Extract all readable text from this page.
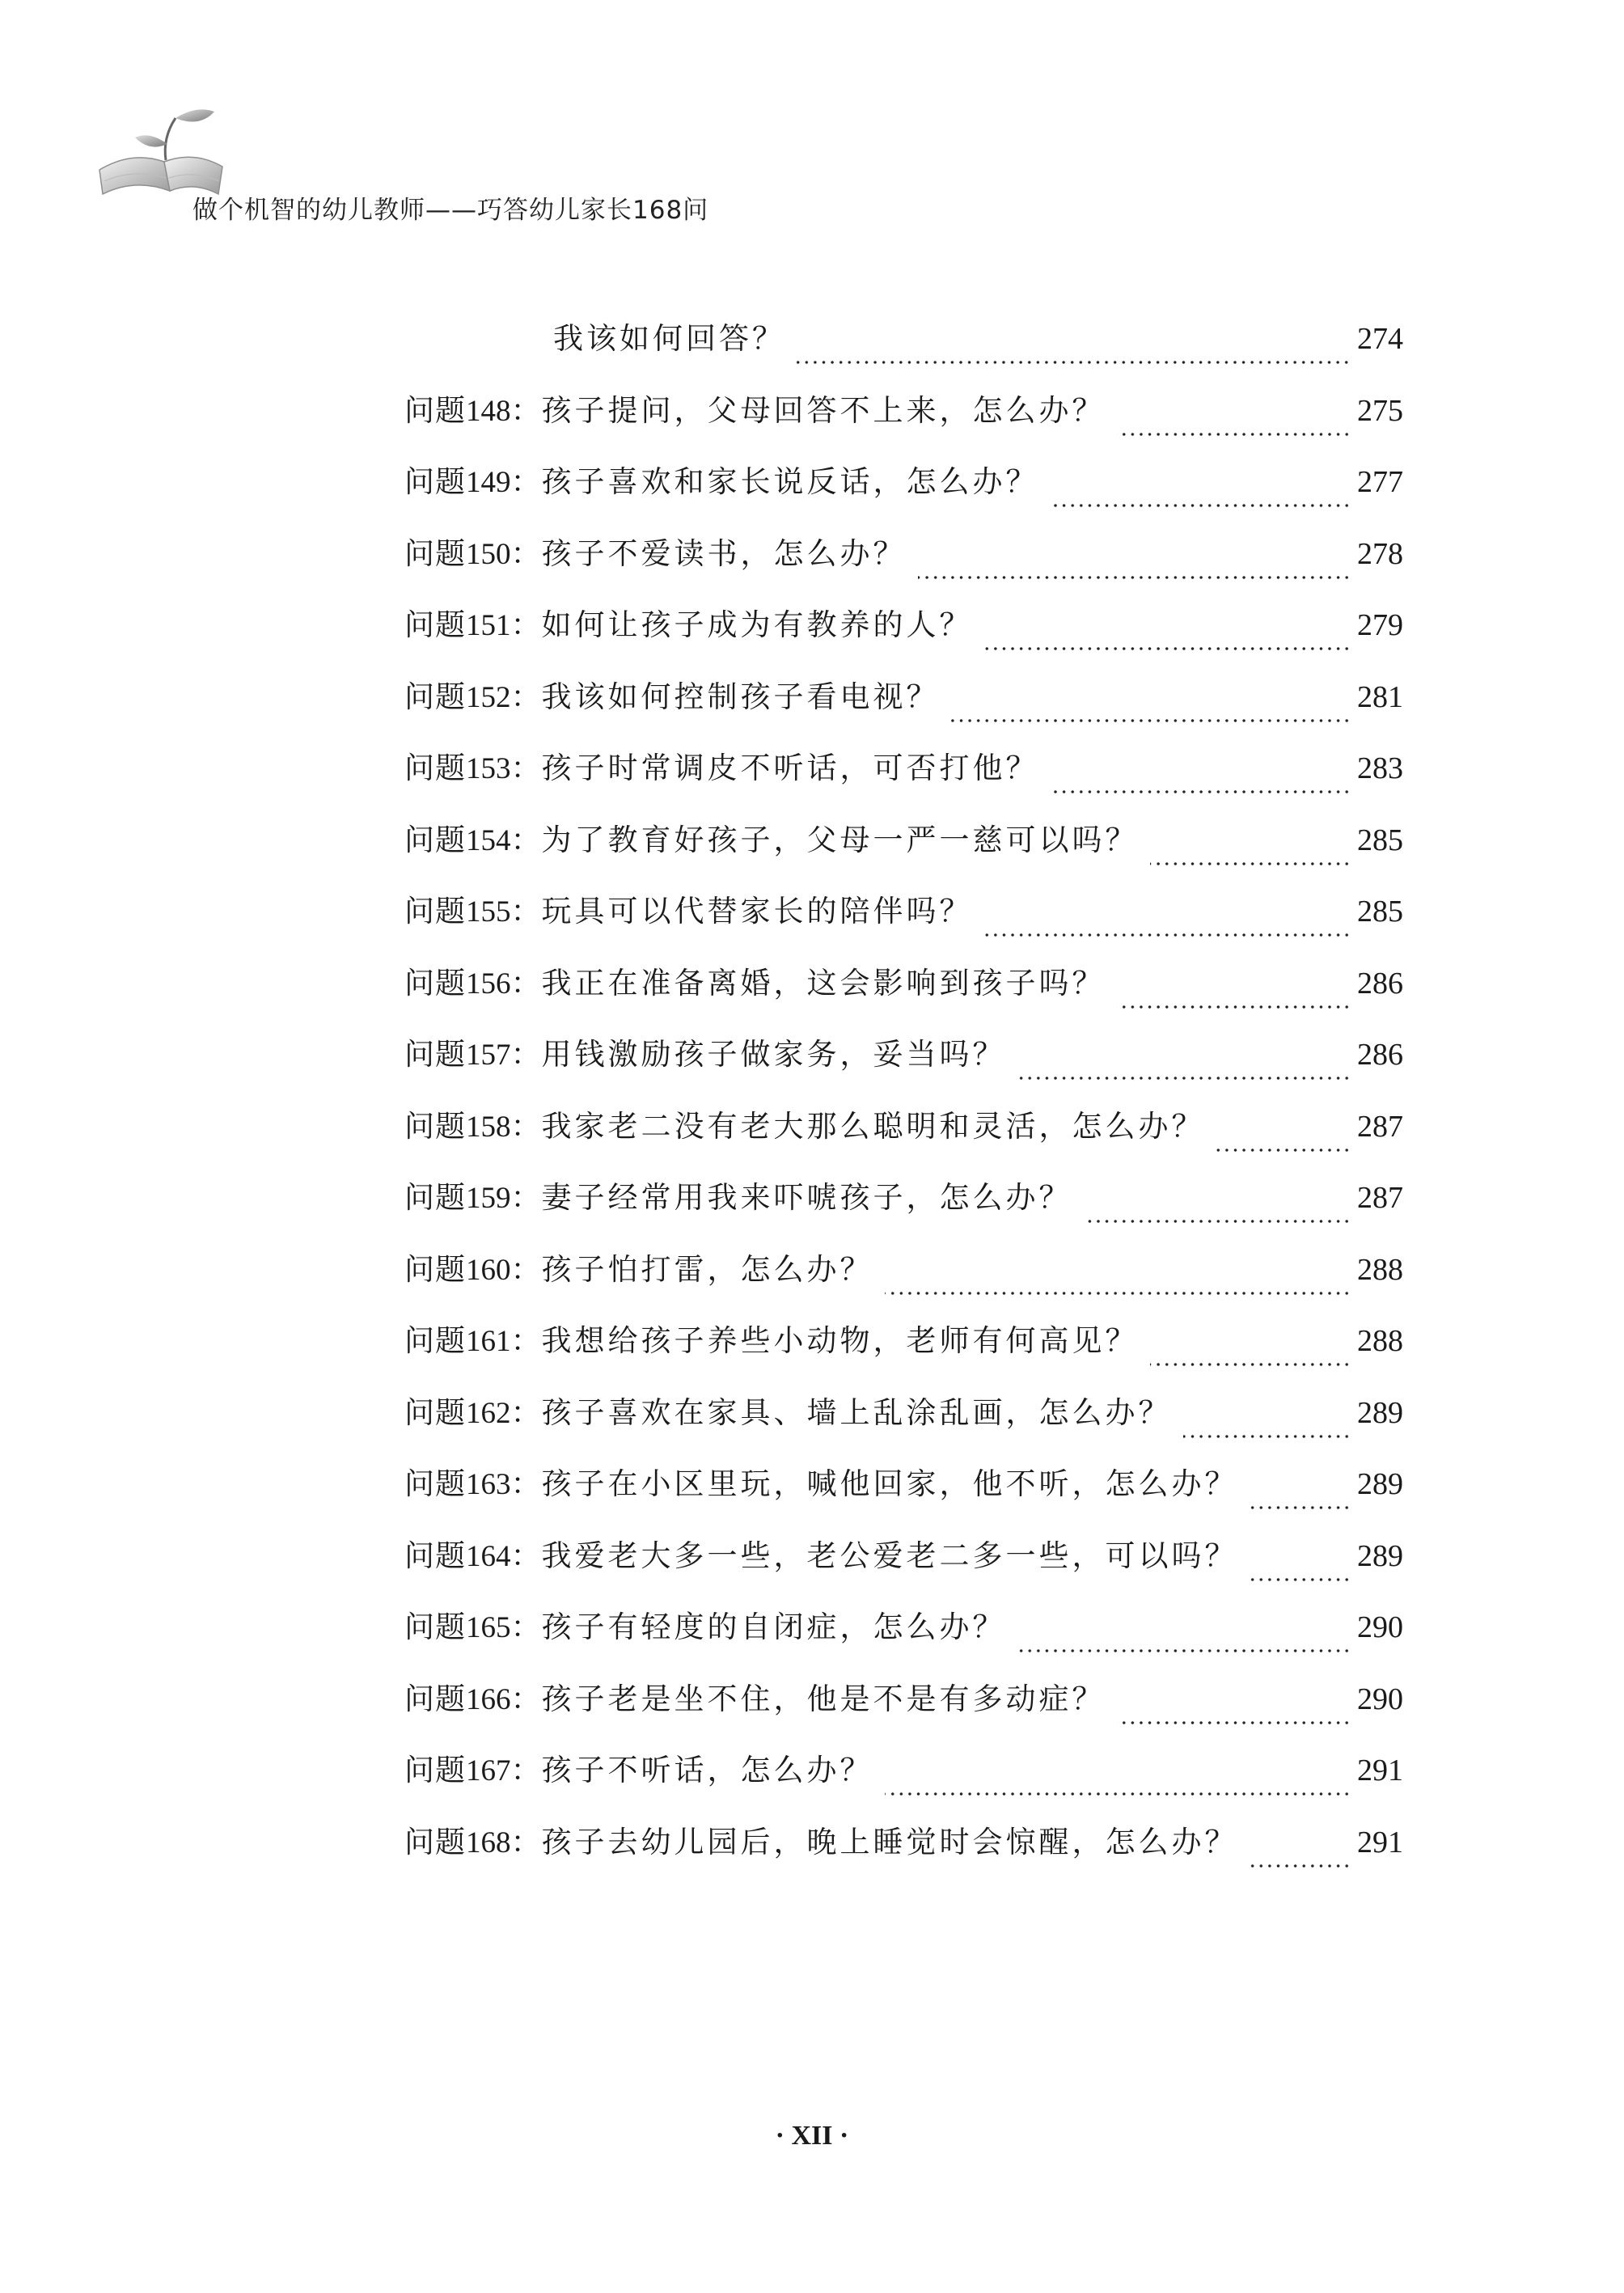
做个机智的幼儿教师——巧答幼儿家长168问
我该如何回答？	274
问题148： 孩子提问，父母回答不上来，怎么办？	275
问题149： 孩子喜欢和家长说反话，怎么办？	277
问题150： 孩子不爱读书，怎么办？	278
问题151： 如何让孩子成为有教养的人？	279
问题152： 我该如何控制孩子看电视？	281
问题153： 孩子时常调皮不听话，可否打他？	283
问题154： 为了教育好孩子，父母一严一慈可以吗？	285
问题155： 玩具可以代替家长的陪伴吗？	285
问题156： 我正在准备离婚，这会影响到孩子吗？	286
问题157： 用钱激励孩子做家务，妥当吗？	286
问题158： 我家老二没有老大那么聪明和灵活，怎么办？	287
问题159： 妻子经常用我来吓唬孩子，怎么办？	287
问题160： 孩子怕打雷，怎么办？	288
问题161： 我想给孩子养些小动物，老师有何高见？	288
问题162： 孩子喜欢在家具、墙上乱涂乱画，怎么办？	289
问题163： 孩子在小区里玩，喊他回家，他不听，怎么办？	289
问题164： 我爱老大多一些，老公爱老二多一些，可以吗？	289
问题165： 孩子有轻度的自闭症，怎么办？	290
问题166： 孩子老是坐不住，他是不是有多动症？	290
问题167： 孩子不听话，怎么办？	291
问题168： 孩子去幼儿园后，晚上睡觉时会惊醒，怎么办？	291
· XII ·
